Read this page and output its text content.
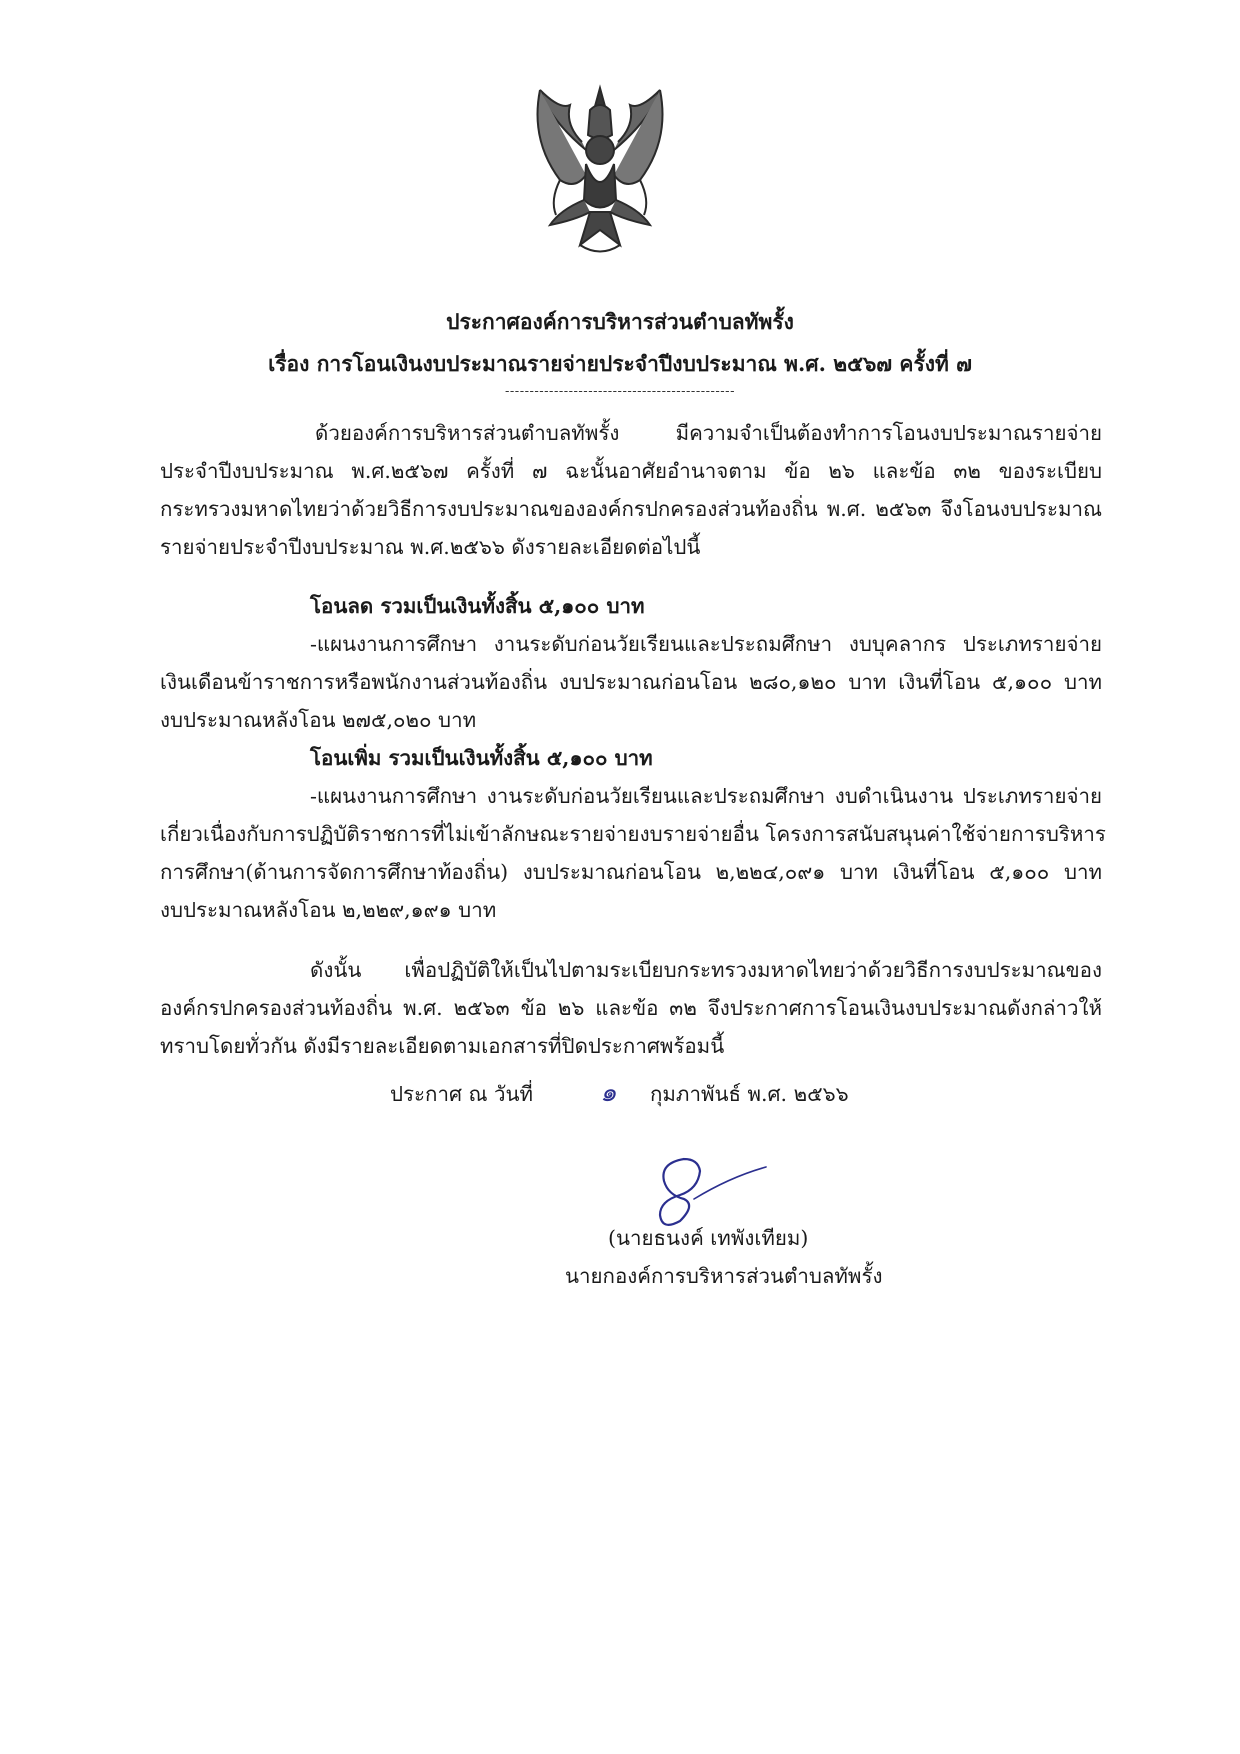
ประกาศองค์การบริหารส่วนตำบลทัพรั้ง
เรื่อง การโอนเงินงบประมาณรายจ่ายประจำปีงบประมาณ พ.ศ. ๒๕๖๗ ครั้งที่ ๗
-----------------------------------------------
ด้วยองค์การบริหารส่วนตำบลทัพรั้ง มีความจำเป็นต้องทำการโอนงบประมาณรายจ่าย
ประจำปีงบประมาณ พ.ศ.๒๕๖๗ ครั้งที่ ๗ ฉะนั้นอาศัยอำนาจตาม ข้อ ๒๖ และข้อ ๓๒ ของระเบียบ
กระทรวงมหาดไทยว่าด้วยวิธีการงบประมาณขององค์กรปกครองส่วนท้องถิ่น พ.ศ. ๒๕๖๓ จึงโอนงบประมาณ
รายจ่ายประจำปีงบประมาณ พ.ศ.๒๕๖๖ ดังรายละเอียดต่อไปนี้
โอนลด รวมเป็นเงินทั้งสิ้น ๕,๑๐๐ บาท
-แผนงานการศึกษา งานระดับก่อนวัยเรียนและประถมศึกษา งบบุคลากร ประเภทรายจ่าย
เงินเดือนข้าราชการหรือพนักงานส่วนท้องถิ่น งบประมาณก่อนโอน ๒๘๐,๑๒๐ บาท เงินที่โอน ๕,๑๐๐ บาท
งบประมาณหลังโอน ๒๗๕,๐๒๐ บาท
โอนเพิ่ม รวมเป็นเงินทั้งสิ้น ๕,๑๐๐ บาท
-แผนงานการศึกษา งานระดับก่อนวัยเรียนและประถมศึกษา งบดำเนินงาน ประเภทรายจ่าย
เกี่ยวเนื่องกับการปฏิบัติราชการที่ไม่เข้าลักษณะรายจ่ายงบรายจ่ายอื่น โครงการสนับสนุนค่าใช้จ่ายการบริหาร
การศึกษา(ด้านการจัดการศึกษาท้องถิ่น) งบประมาณก่อนโอน ๒,๒๒๔,๐๙๑ บาท เงินที่โอน ๕,๑๐๐ บาท
งบประมาณหลังโอน ๒,๒๒๙,๑๙๑ บาท
ดังนั้น เพื่อปฏิบัติให้เป็นไปตามระเบียบกระทรวงมหาดไทยว่าด้วยวิธีการงบประมาณของ
องค์กรปกครองส่วนท้องถิ่น พ.ศ. ๒๕๖๓ ข้อ ๒๖ และข้อ ๓๒ จึงประกาศการโอนเงินงบประมาณดังกล่าวให้
ทราบโดยทั่วกัน ดังมีรายละเอียดตามเอกสารที่ปิดประกาศพร้อมนี้
ประกาศ ณ วันที่	๑ กุมภาพันธ์ พ.ศ. ๒๕๖๖
(นายธนงค์ เทพังเทียม)
นายกองค์การบริหารส่วนตำบลทัพรั้ง
